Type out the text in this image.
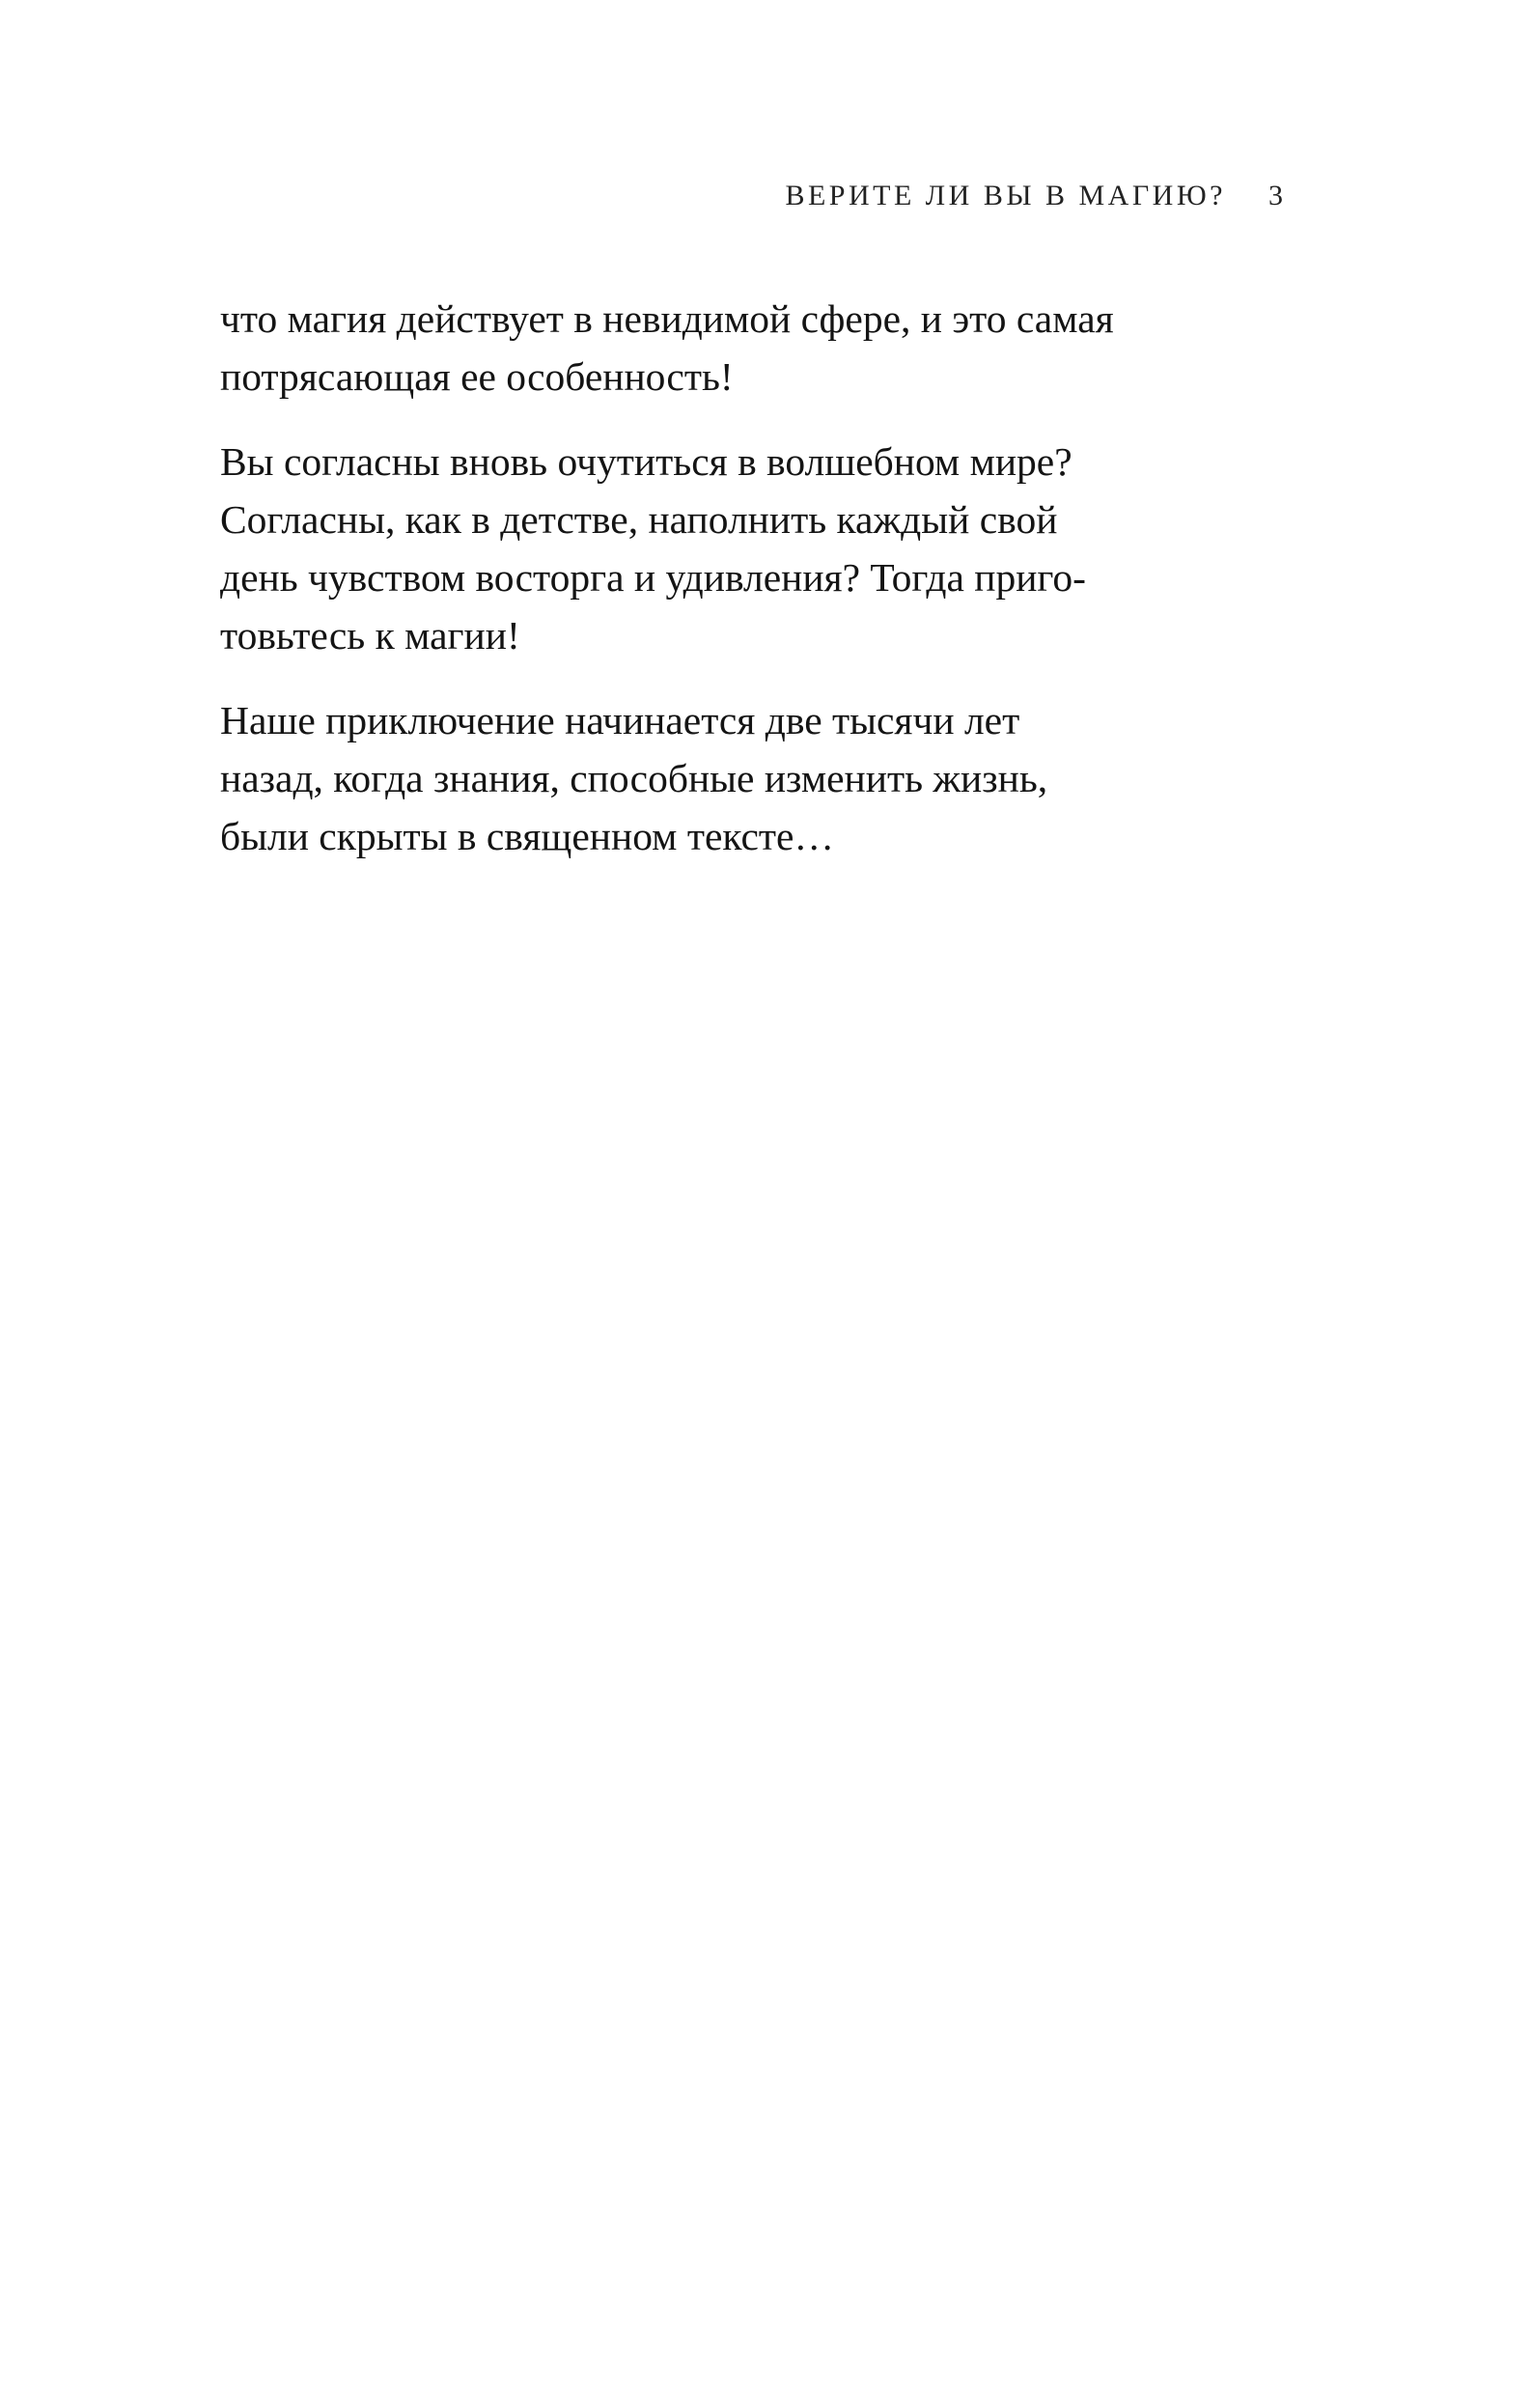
ВЕРИТЕ ЛИ ВЫ В МАГИЮ? 3

что магия действует в невидимой сфере, и это самая
потрясающая ее особенность!

Вы согласны вновь очутиться в волшебном мире?
Согласны, как в детстве, наполнить каждый свой
день чувством восторга и удивления? Тогда приго-
товьтесь к магии!

Наше приключение начинается две тысячи лет
назад, когда знания, способные изменить жизнь,
были скрыты в священном тексте…
